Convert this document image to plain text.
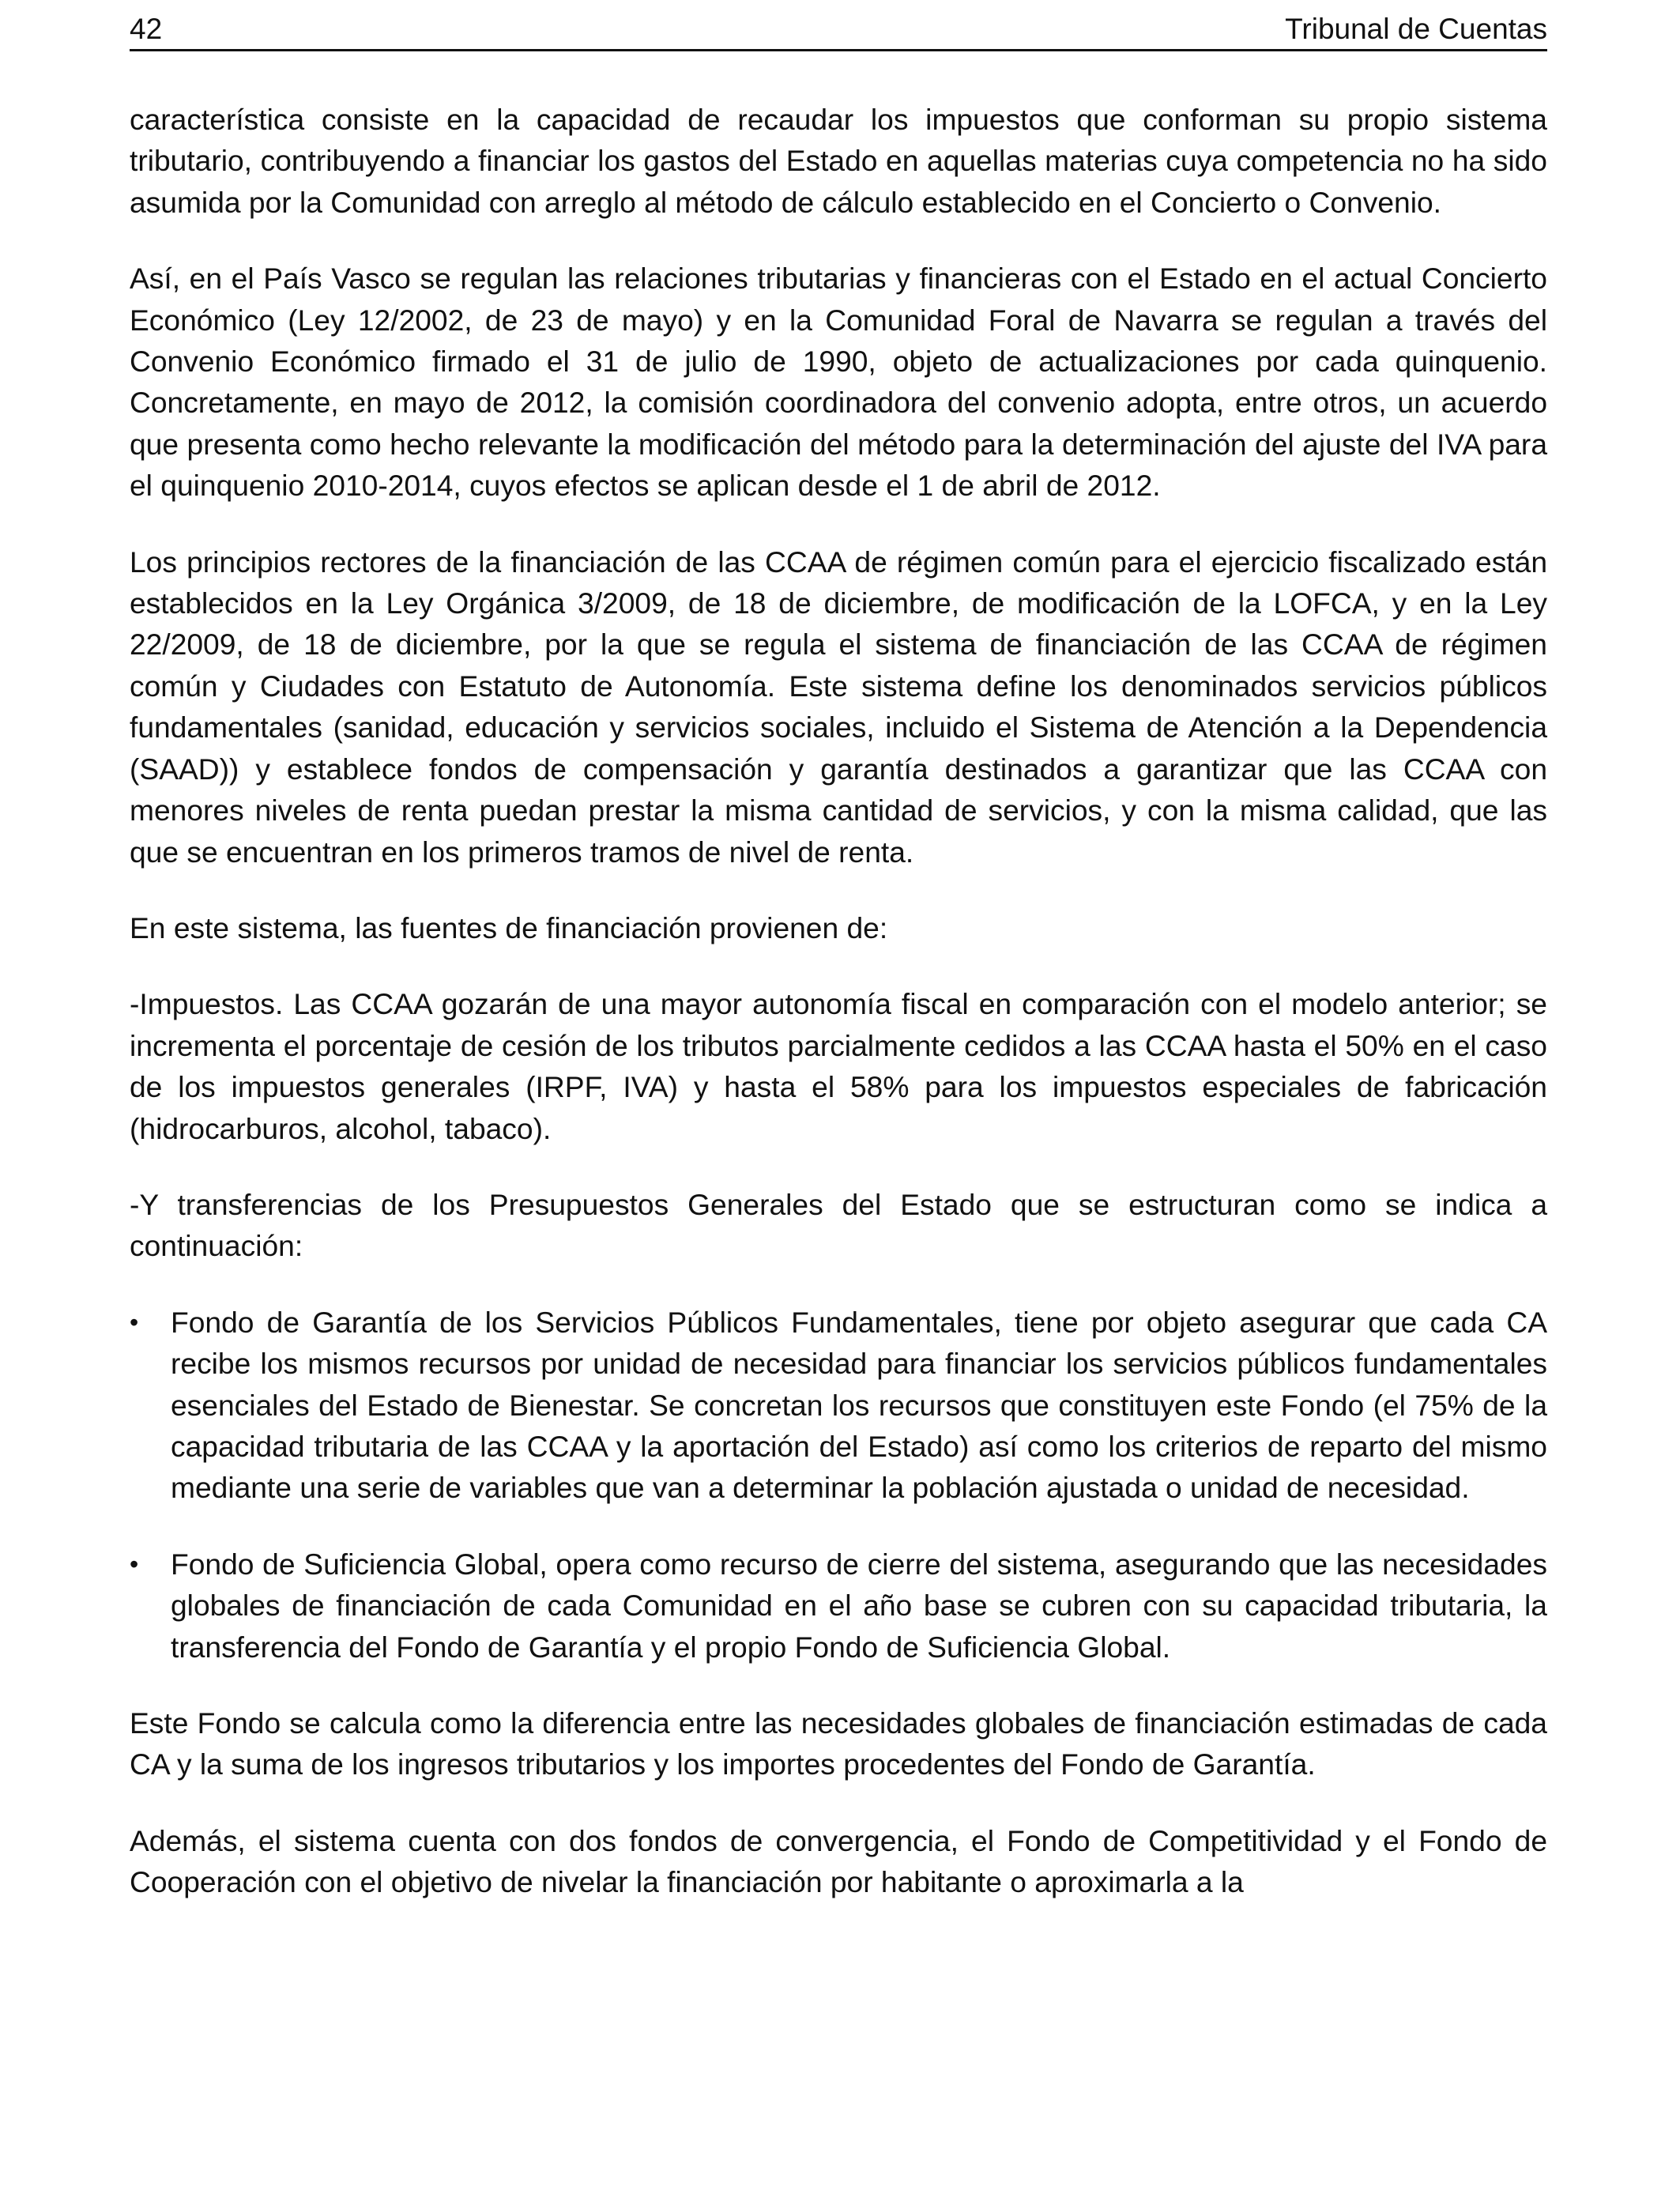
42	Tribunal de Cuentas

característica consiste en la capacidad de recaudar los impuestos que conforman su propio sistema tributario, contribuyendo a financiar los gastos del Estado en aquellas materias cuya competencia no ha sido asumida por la Comunidad con arreglo al método de cálculo establecido en el Concierto o Convenio.

Así, en el País Vasco se regulan las relaciones tributarias y financieras con el Estado en el actual Concierto Económico (Ley 12/2002, de 23 de mayo) y en la Comunidad Foral de Navarra se regulan a través del Convenio Económico firmado el 31 de julio de 1990, objeto de actualizaciones por cada quinquenio. Concretamente, en mayo de 2012, la comisión coordinadora del convenio adopta, entre otros, un acuerdo que presenta como hecho relevante la modificación del método para la determinación del ajuste del IVA para el quinquenio 2010-2014, cuyos efectos se aplican desde el 1 de abril de 2012.

Los principios rectores de la financiación de las CCAA de régimen común para el ejercicio fiscalizado están establecidos en la Ley Orgánica 3/2009, de 18 de diciembre, de modificación de la LOFCA, y en la Ley 22/2009, de 18 de diciembre, por la que se regula el sistema de financiación de las CCAA de régimen común y Ciudades con Estatuto de Autonomía. Este sistema define los denominados servicios públicos fundamentales (sanidad, educación y servicios sociales, incluido el Sistema de Atención a la Dependencia (SAAD)) y establece fondos de compensación y garantía destinados a garantizar que las CCAA con menores niveles de renta puedan prestar la misma cantidad de servicios, y con la misma calidad, que las que se encuentran en los primeros tramos de nivel de renta.

En este sistema, las fuentes de financiación provienen de:

-Impuestos. Las CCAA gozarán de una mayor autonomía fiscal en comparación con el modelo anterior; se incrementa el porcentaje de cesión de los tributos parcialmente cedidos a las CCAA hasta el 50% en el caso de los impuestos generales (IRPF, IVA) y hasta el 58% para los impuestos especiales de fabricación (hidrocarburos, alcohol, tabaco).

-Y transferencias de los Presupuestos Generales del Estado que se estructuran como se indica a continuación:

• Fondo de Garantía de los Servicios Públicos Fundamentales, tiene por objeto asegurar que cada CA recibe los mismos recursos por unidad de necesidad para financiar los servicios públicos fundamentales esenciales del Estado de Bienestar. Se concretan los recursos que constituyen este Fondo (el 75% de la capacidad tributaria de las CCAA y la aportación del Estado) así como los criterios de reparto del mismo mediante una serie de variables que van a determinar la población ajustada o unidad de necesidad.
• Fondo de Suficiencia Global, opera como recurso de cierre del sistema, asegurando que las necesidades globales de financiación de cada Comunidad en el año base se cubren con su capacidad tributaria, la transferencia del Fondo de Garantía y el propio Fondo de Suficiencia Global.

Este Fondo se calcula como la diferencia entre las necesidades globales de financiación estimadas de cada CA y la suma de los ingresos tributarios y los importes procedentes del Fondo de Garantía.

Además, el sistema cuenta con dos fondos de convergencia, el Fondo de Competitividad y el Fondo de Cooperación con el objetivo de nivelar la financiación por habitante o aproximarla a la
